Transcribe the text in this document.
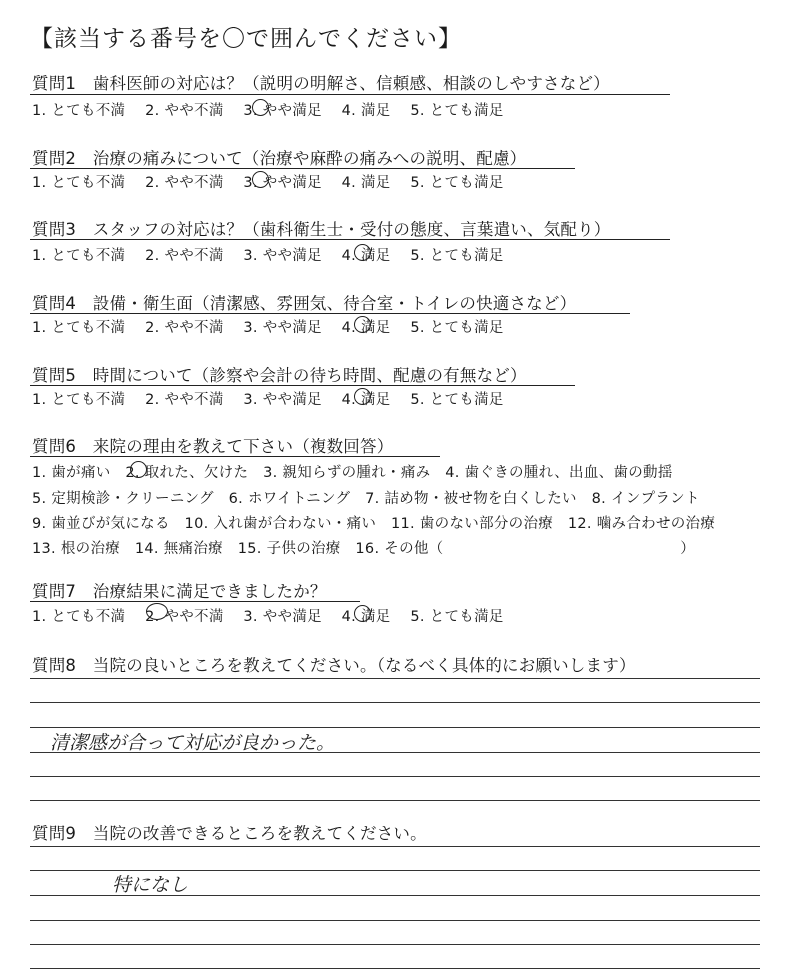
【該当する番号を〇で囲んでください】
質問1　歯科医師の対応は？（説明の明解さ、信頼感、相談のしやすさなど）
1. とても不満　 2. やや不満　 3. やや満足　 4. 満足　 5. とても満足
質問2　治療の痛みについて（治療や麻酔の痛みへの説明、配慮）
1. とても不満　 2. やや不満　 3. やや満足　 4. 満足　 5. とても満足
質問3　スタッフの対応は？（歯科衛生士・受付の態度、言葉遣い、気配り）
1. とても不満　 2. やや不満　 3. やや満足　 4. 満足　 5. とても満足
質問4　設備・衛生面（清潔感、雰囲気、待合室・トイレの快適さなど）
1. とても不満　 2. やや不満　 3. やや満足　 4. 満足　 5. とても満足
質問5　時間について（診察や会計の待ち時間、配慮の有無など）
1. とても不満　 2. やや不満　 3. やや満足　 4. 満足　 5. とても満足
質問6　来院の理由を教えて下さい（複数回答）
1. 歯が痛い　2. 取れた、欠けた　3. 親知らずの腫れ・痛み　4. 歯ぐきの腫れ、出血、歯の動揺
5. 定期検診・クリーニング　6. ホワイトニング　7. 詰め物・被せ物を白くしたい　8. インプラント
9. 歯並びが気になる　10. 入れ歯が合わない・痛い　11. 歯のない部分の治療　12. 噛み合わせの治療
13. 根の治療　14. 無痛治療　15. 子供の治療　16. その他（　　　　　　　　　　　　　　　　）
質問7　治療結果に満足できましたか？
1. とても不満　 2. やや不満　 3. やや満足　 4. 満足　 5. とても満足
質問8　当院の良いところを教えてください。（なるべく具体的にお願いします）
清潔感が合って対応が良かった。
質問9　当院の改善できるところを教えてください。
特になし
